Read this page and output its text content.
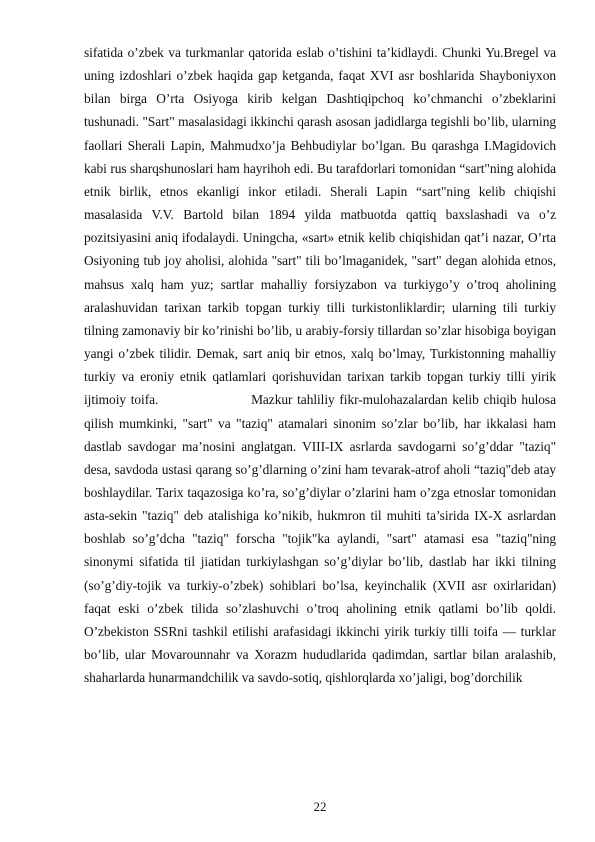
sifatida o’zbek va turkmanlar qatorida eslab o’tishini ta’kidlaydi. Chunki Yu.Bregel va uning izdoshlari o’zbek haqida gap ketganda, faqat XVI asr boshlarida Shayboniyxon bilan birga O’rta Osiyoga kirib kelgan Dashtiqipchoq ko’chmanchi o’zbeklarini tushunadi. "Sart" masalasidagi ikkinchi qarash asosan jadidlarga tegishli bo’lib, ularning faollari Sherali Lapin, Mahmudxo’ja Behbudiylar bo’lgan. Bu qarashga I.Magidovich kabi rus sharqshunoslari ham hayrihoh edi. Bu tarafdorlari tomonidan “sart"ning alohida etnik birlik, etnos ekanligi inkor etiladi. Sherali Lapin “sart"ning kelib chiqishi masalasida V.V. Bartold bilan 1894 yilda matbuotda qattiq baxslashadi va o’z pozitsiyasini aniq ifodalaydi. Uningcha, «sart» etnik kelib chiqishidan qat’i nazar, O’rta Osiyoning tub joy aholisi, alohida "sart" tili bo’lmaganidek, "sart" degan alohida etnos, mahsus xalq ham yuz; sartlar mahalliy forsiyzabon va turkiygo’y o’troq aholining aralashuvidan tarixan tarkib topgan turkiy tilli turkistonliklardir; ularning tili turkiy tilning zamonaviy bir ko’rinishi bo’lib, u arabiy-forsiy tillardan so’zlar hisobiga boyigan yangi o’zbek tilidir. Demak, sart aniq bir etnos, xalq bo’lmay, Turkistonning mahalliy turkiy va eroniy etnik qatlamlari qorishuvidan tarixan tarkib topgan turkiy tilli yirik ijtimoiy toifa.	Mazkur tahliliy fikr-mulohazalardan kelib chiqib hulosa qilish mumkinki, "sart" va "taziq" atamalari sinonim so’zlar bo’lib, har ikkalasi ham dastlab savdogar ma’nosini anglatgan. VIII-IX asrlarda savdogarni so’g’ddar "taziq" desa, savdoda ustasi qarang so’g’dlarning o’zini ham tevarak-atrof aholi “taziq"deb atay boshlaydilar. Tarix taqazosiga ko’ra, so’g’diylar o’zlarini ham o’zga etnoslar tomonidan asta-sekin "taziq" deb atalishiga ko’nikib, hukmron til muhiti ta’sirida IX-X asrlardan boshlab so’g’dcha "taziq" forscha "tojik"ka aylandi, "sart" atamasi esa "taziq"ning sinonymi sifatida til jiatidan turkiylashgan so’g’diylar bo’lib, dastlab har ikki tilning (so’g’diy-tojik va turkiy-o’zbek) sohiblari bo’lsa, keyinchalik (XVII asr oxirlaridan) faqat eski o’zbek tilida so’zlashuvchi o’troq aholining etnik qatlami bo’lib qoldi. O’zbekiston SSRni tashkil etilishi arafasidagi ikkinchi yirik turkiy tilli toifa — turklar bo’lib, ular Movarounnahr va Xorazm hududlarida qadimdan, sartlar bilan aralashib, shaharlarda hunarmandchilik va savdo-sotiq, qishlorqlarda xo’jaligi, bog’dorchilik

22
